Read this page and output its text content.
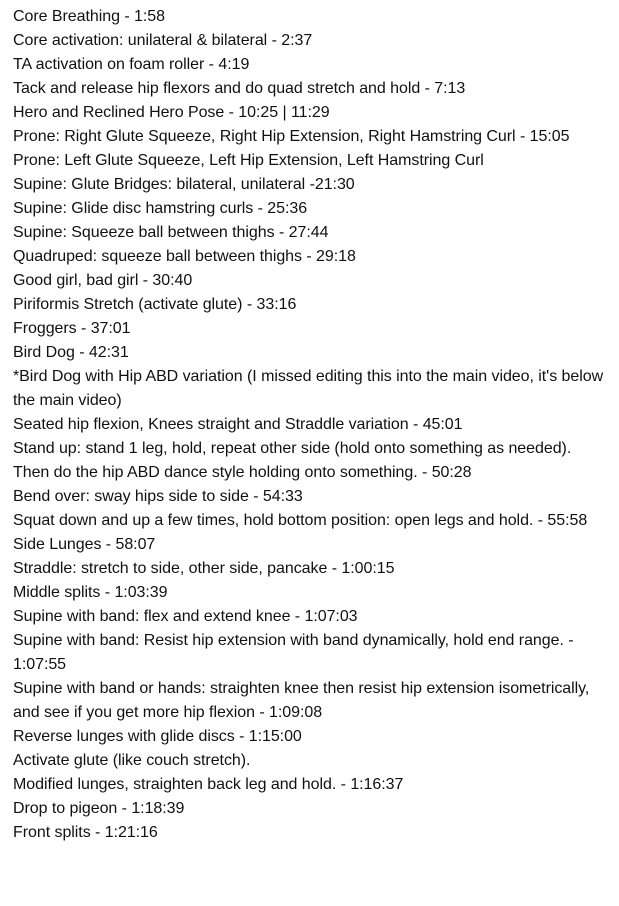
Core Breathing - 1:58

Core activation: unilateral & bilateral - 2:37

TA activation on foam roller - 4:19

Tack and release hip flexors and do quad stretch and hold - 7:13

Hero and Reclined Hero Pose - 10:25 | 11:29

Prone: Right Glute Squeeze, Right Hip Extension, Right Hamstring Curl - 15:05

Prone: Left Glute Squeeze, Left Hip Extension, Left Hamstring Curl

Supine: Glute Bridges: bilateral, unilateral -21:30

Supine: Glide disc hamstring curls - 25:36

Supine: Squeeze ball between thighs - 27:44

Quadruped: squeeze ball between thighs - 29:18

Good girl, bad girl - 30:40

Piriformis Stretch (activate glute) - 33:16

Froggers - 37:01

Bird Dog - 42:31

*Bird Dog with Hip ABD variation (I missed editing this into the main video, it's below the main video)

Seated hip flexion, Knees straight and Straddle variation - 45:01

Stand up: stand 1 leg, hold, repeat other side (hold onto something as needed). Then do the hip ABD dance style holding onto something. - 50:28

Bend over: sway hips side to side - 54:33

Squat down and up a few times, hold bottom position: open legs and hold. - 55:58

Side Lunges - 58:07

Straddle: stretch to side, other side, pancake - 1:00:15

Middle splits - 1:03:39

Supine with band: flex and extend knee - 1:07:03

Supine with band: Resist hip extension with band dynamically, hold end range. - 1:07:55

Supine with band or hands: straighten knee then resist hip extension isometrically, and see if you get more hip flexion - 1:09:08

Reverse lunges with glide discs - 1:15:00

Activate glute (like couch stretch).

Modified lunges, straighten back leg and hold. - 1:16:37

Drop to pigeon - 1:18:39

Front splits - 1:21:16
